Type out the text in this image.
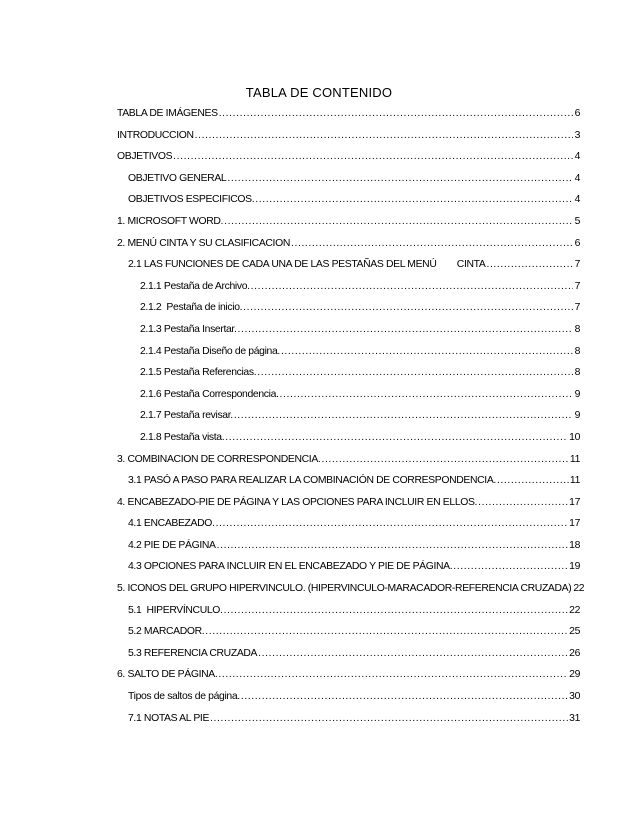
TABLA DE CONTENIDO
TABLA DE IMÁGENES .....	6
INTRODUCCION .....	3
OBJETIVOS .....	4
OBJETIVO GENERAL .....	4
OBJETIVOS ESPECIFICOS. .....	4
1. MICROSOFT WORD. .....	5
2. MENÚ CINTA Y SU CLASIFICACION .....	6
2.1 LAS FUNCIONES DE CADA UNA DE LAS PESTAÑAS DEL MENÚ        CINTA .....	7
2.1.1 Pestaña de Archivo. .....	7
2.1.2  Pestaña de inicio. .....	7
2.1.3 Pestaña Insertar. .....	8
2.1.4 Pestaña Diseño de página. .....	8
2.1.5 Pestaña Referencias. .....	8
2.1.6 Pestaña Correspondencia. .....	9
2.1.7 Pestaña revisar. .....	9
2.1.8 Pestaña vista. .....	10
3. COMBINACION DE CORRESPONDENCIA. .....	11
3.1 PASÓ A PASO PARA REALIZAR LA COMBINACIÓN DE CORRESPONDENCIA. .....	11
4. ENCABEZADO-PIE DE PÁGINA Y LAS OPCIONES PARA INCLUIR EN ELLOS. .....	17
4.1 ENCABEZADO. .....	17
4.2 PIE DE PÁGINA .....	18
4.3 OPCIONES PARA INCLUIR EN EL ENCABEZADO Y PIE DE PÁGINA. .....	19
5. ICONOS DEL GRUPO HIPERVINCULO. (HIPERVINCULO-MARACADOR-REFERENCIA CRUZADA) 22
5.1  HIPERVÍNCULO. .....	22
5.2 MARCADOR. .....	25
5.3 REFERENCIA CRUZADA .....	26
6. SALTO DE PÁGINA. .....	29
Tipos de saltos de página. .....	30
7.1 NOTAS AL PIE .....	31
